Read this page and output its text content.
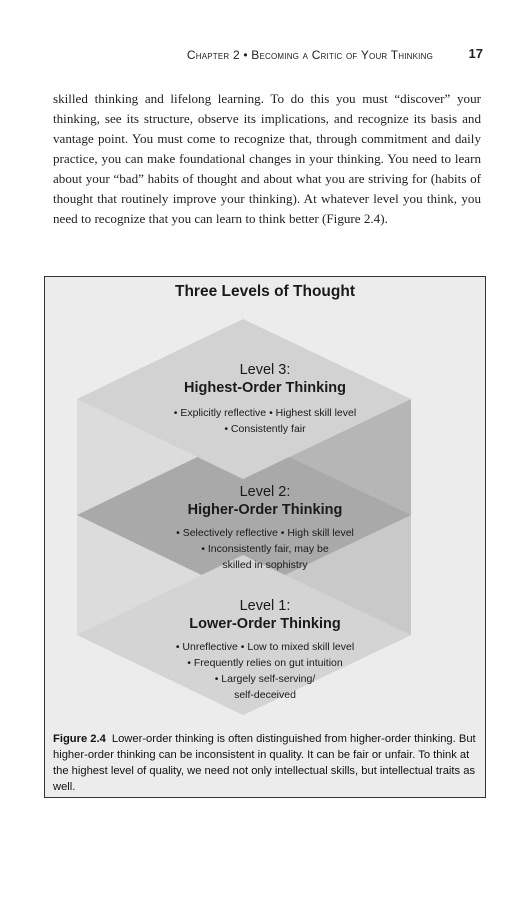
Chapter 2 • Becoming a Critic of Your Thinking	17

skilled thinking and lifelong learning. To do this you must “discover” your thinking, see its structure, observe its implications, and recognize its basis and vantage point. You must come to recognize that, through commitment and daily practice, you can make foundational changes in your thinking. You need to learn about your “bad” habits of thought and about what you are striving for (habits of thought that routinely improve your thinking). At whatever level you think, you need to recognize that you can learn to think better (Figure 2.4).

Three Levels of Thought
Level 3:
Highest-Order Thinking
• Explicitly reflective • Highest skill level
• Consistently fair
Level 2:
Higher-Order Thinking
• Selectively reflective • High skill level
• Inconsistently fair, may be
skilled in sophistry
Level 1:
Lower-Order Thinking
• Unreflective • Low to mixed skill level
• Frequently relies on gut intuition
• Largely self-serving/
self-deceived
Figure 2.4 Lower-order thinking is often distinguished from higher-order thinking. But higher-order thinking can be inconsistent in quality. It can be fair or unfair. To think at the highest level of quality, we need not only intellectual skills, but intellectual traits as well.
